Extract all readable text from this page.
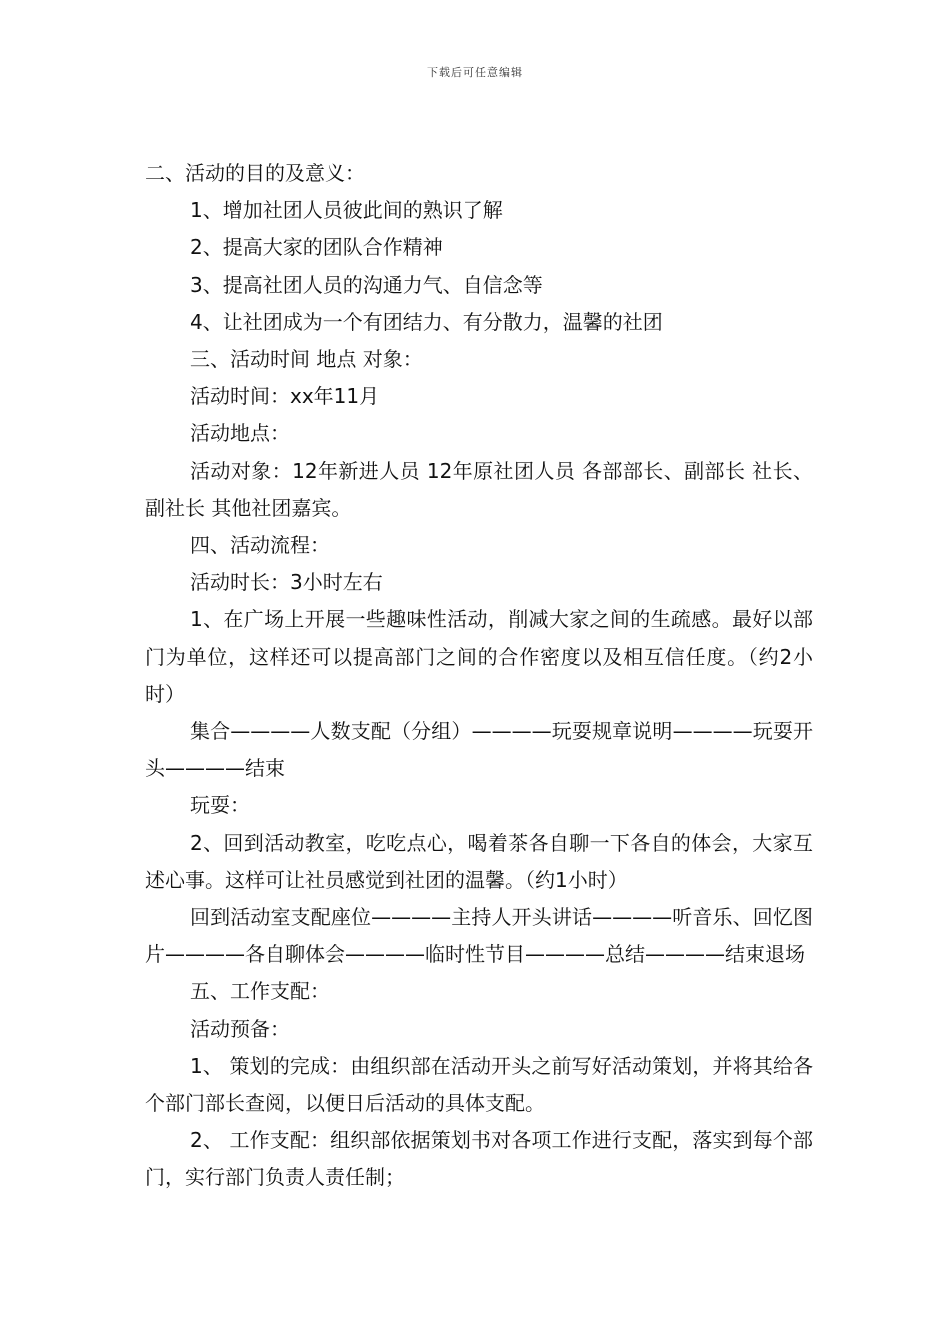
下载后可任意编辑

二、活动的目的及意义：

1、增加社团人员彼此间的熟识了解

2、提高大家的团队合作精神

3、提高社团人员的沟通力气、自信念等

4、让社团成为一个有团结力、有分散力，温馨的社团

三、活动时间 地点 对象：

活动时间：xx年11月

活动地点：

活动对象：12年新进人员 12年原社团人员 各部部长、副部长 社长、副社长 其他社团嘉宾。

四、活动流程：

活动时长：3小时左右

1、在广场上开展一些趣味性活动，削减大家之间的生疏感。最好以部门为单位，这样还可以提高部门之间的合作密度以及相互信任度。（约2小时）

集合————人数支配（分组）————玩耍规章说明————玩耍开头————结束

玩耍：

2、回到活动教室，吃吃点心，喝着茶各自聊一下各自的体会，大家互述心事。这样可让社员感觉到社团的温馨。（约1小时）

回到活动室支配座位————主持人开头讲话————听音乐、回忆图片————各自聊体会————临时性节目————总结————结束退场

五、工作支配：

活动预备：

1、 策划的完成：由组织部在活动开头之前写好活动策划，并将其给各个部门部长查阅，以便日后活动的具体支配。

2、 工作支配：组织部依据策划书对各项工作进行支配，落实到每个部门，实行部门负责人责任制；
